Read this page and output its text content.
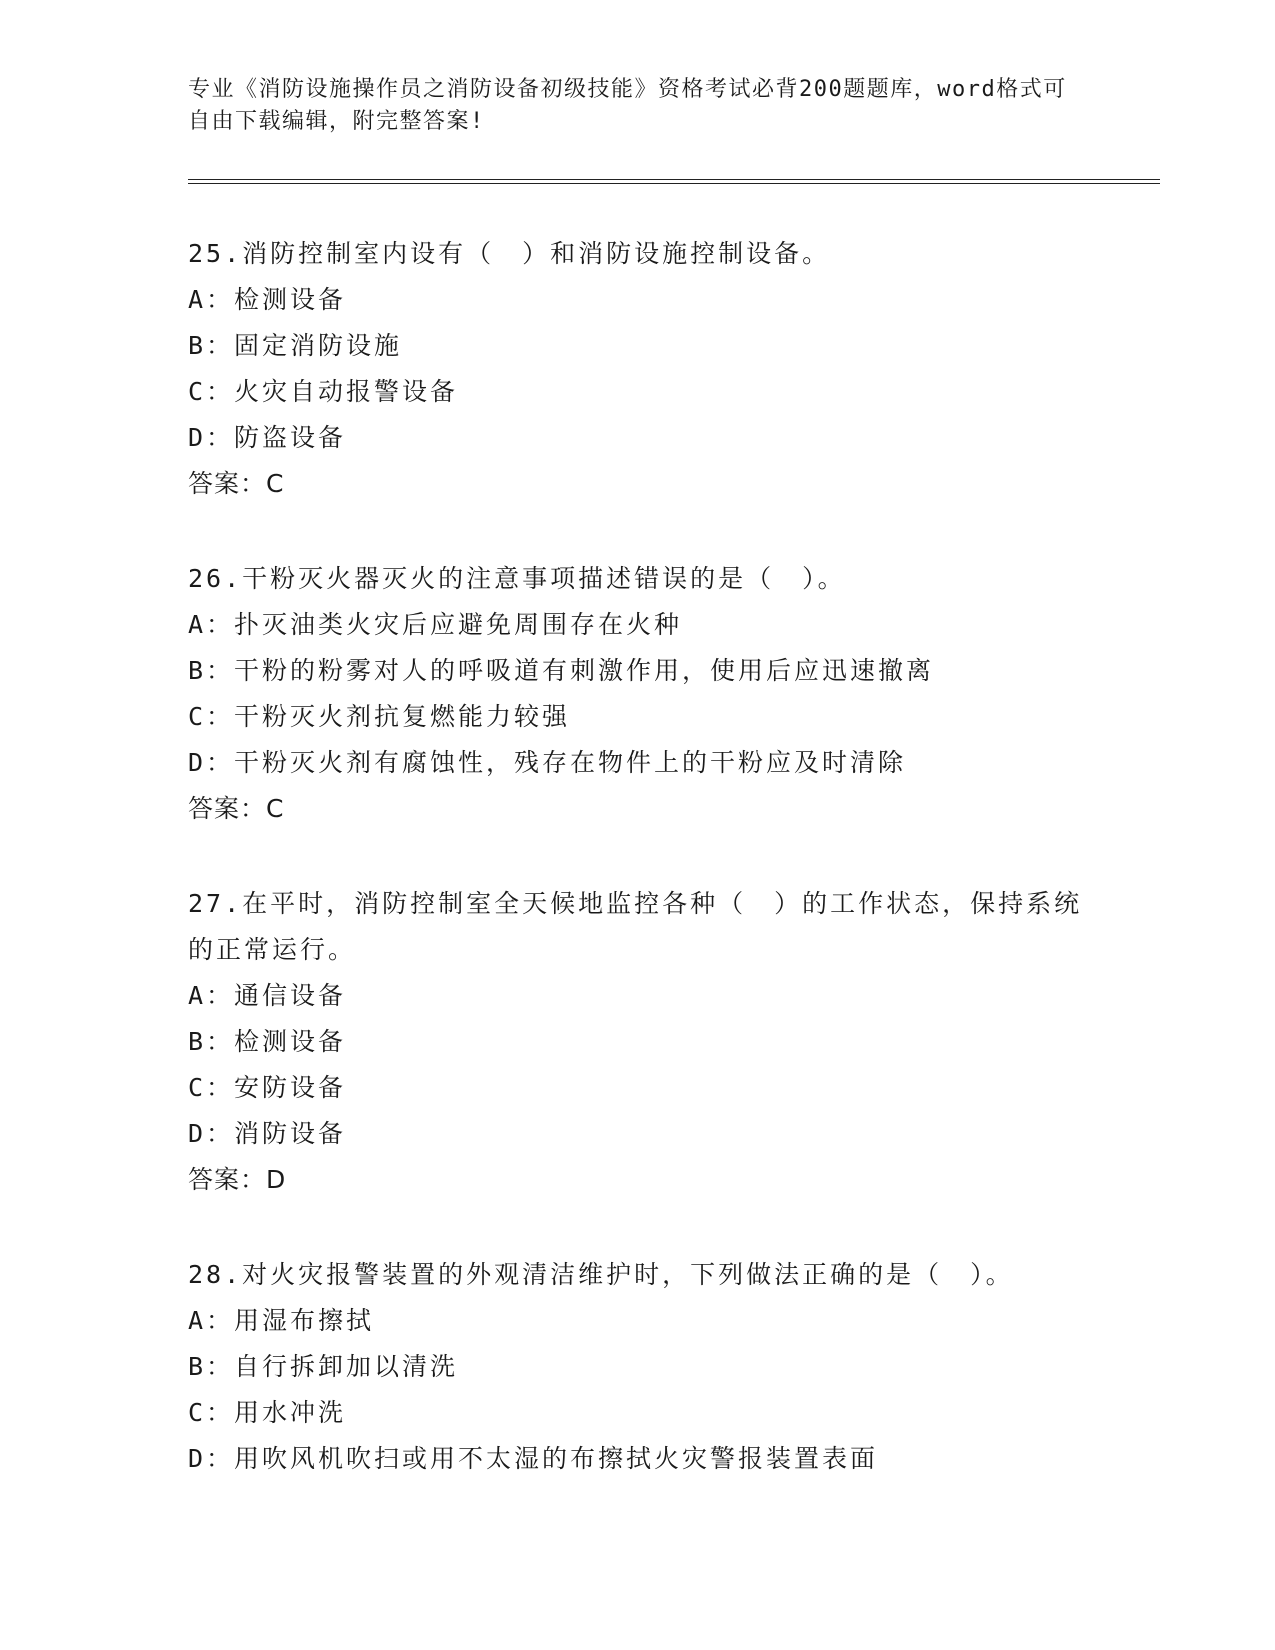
专业《消防设施操作员之消防设备初级技能》资格考试必背200题题库，word格式可自由下载编辑，附完整答案!

25.消防控制室内设有（　）和消防设施控制设备。

A：检测设备

B：固定消防设施

C：火灾自动报警设备

D：防盗设备

答案：C

26.干粉灭火器灭火的注意事项描述错误的是（　）。

A：扑灭油类火灾后应避免周围存在火种

B：干粉的粉雾对人的呼吸道有刺激作用，使用后应迅速撤离

C：干粉灭火剂抗复燃能力较强

D：干粉灭火剂有腐蚀性，残存在物件上的干粉应及时清除

答案：C

27.在平时，消防控制室全天候地监控各种（　）的工作状态，保持系统的正常运行。

A：通信设备

B：检测设备

C：安防设备

D：消防设备

答案：D

28.对火灾报警装置的外观清洁维护时，下列做法正确的是（　）。

A：用湿布擦拭

B：自行拆卸加以清洗

C：用水冲洗

D：用吹风机吹扫或用不太湿的布擦拭火灾警报装置表面
